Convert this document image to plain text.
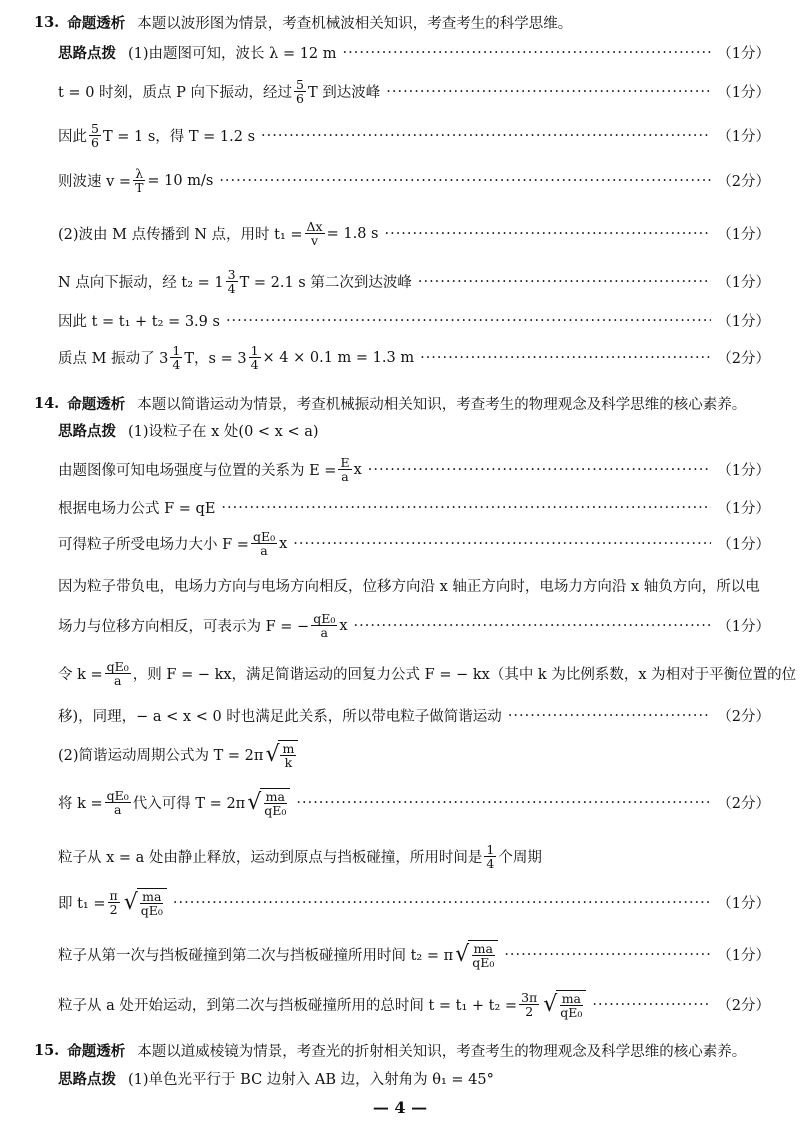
13. 命题透析 本题以波形图为情景，考查机械波相关知识，考查考生的科学思维。
思路点拨 (1)由题图可知，波长 λ = 12 m ·····	（1分）
t = 0 时刻，质点 P 向下振动，经过 $\frac{5}{6}$ T 到达波峰 ·····	（1分）
因此 $\frac{5}{6}$ T = 1 s，得 T = 1.2 s ·····	（1分）
则波速 $v = \frac{\lambda}{T} = 10$ m/s ·····	（2分）
(2)波由 M 点传播到 N 点，用时 $t_1 = \frac{\Delta x}{v} = 1.8$ s ·····	（1分）
N 点向下振动，经 $t_2 = 1 \frac{3}{4}$ T = 2.1 s 第二次到达波峰 ·····	（1分）
因此 t = t₁ + t₂ = 3.9 s ·····	（1分）
质点 M 振动了 $3 \frac{1}{4}$ T，$s = 3 \frac{1}{4} \times 4 \times 0.1$ m = 1.3 m ·····	（2分）
14. 命题透析 本题以简谐运动为情景，考查机械振动相关知识，考查考生的物理观念及科学思维的核心素养。
思路点拨 (1)设粒子在 x 处(0 < x < a)
由题图像可知电场强度与位置的关系为 $E = \frac{E}{a}$ x ·····	（1分）
根据电场力公式 F = qE ·····	（1分）
可得粒子所受电场力大小 $F = \frac{\text{qE₀}}{a}$ x ·····	（1分）
因为粒子带负电，电场力方向与电场方向相反，位移方向沿 x 轴正方向时，电场力方向沿 x 轴负方向，所以电
场力与位移方向相反，可表示为 F = − $\frac{\text{qE₀}}{a}$ x ·····	（1分）
令 $k = \frac{\text{qE₀}}{a}$ ，则 F = − kx，满足简谐运动的回复力公式 F = − kx（其中 k 为比例系数，x 为相对于平衡位置的位
移)，同理，− a < x < 0 时也满足此关系，所以带电粒子做简谐运动 ·····	（2分）
(2)简谐运动周期公式为 T = 2π √ $\frac{m}{k}$
将 $k = \frac{\text{qE₀}}{a}$ 代入可得 T = 2π √ $\frac{ma}{\text{qE₀}}$ ·····	（2分）
粒子从 x = a 处由静止释放，运动到原点与挡板碰撞，所用时间是 $\frac{1}{4}$ 个周期
即 $t_1 = \frac{\pi}{2}$ √ $\frac{ma}{\text{qE₀}}$ ·····	（1分）
粒子从第一次与挡板碰撞到第二次与挡板碰撞所用时间 t₂ = π √ $\frac{ma}{\text{qE₀}}$ ·····	（1分）
粒子从 a 处开始运动，到第二次与挡板碰撞所用的总时间 $t = t_1 + t_2 = \frac{3\pi}{2}$ √ $\frac{ma}{\text{qE₀}}$ ·····	（2分）
15. 命题透析 本题以道威棱镜为情景，考查光的折射相关知识，考查考生的物理观念及科学思维的核心素养。
思路点拨 (1)单色光平行于 BC 边射入 AB 边，入射角为 θ₁ = 45°
— 4 —
